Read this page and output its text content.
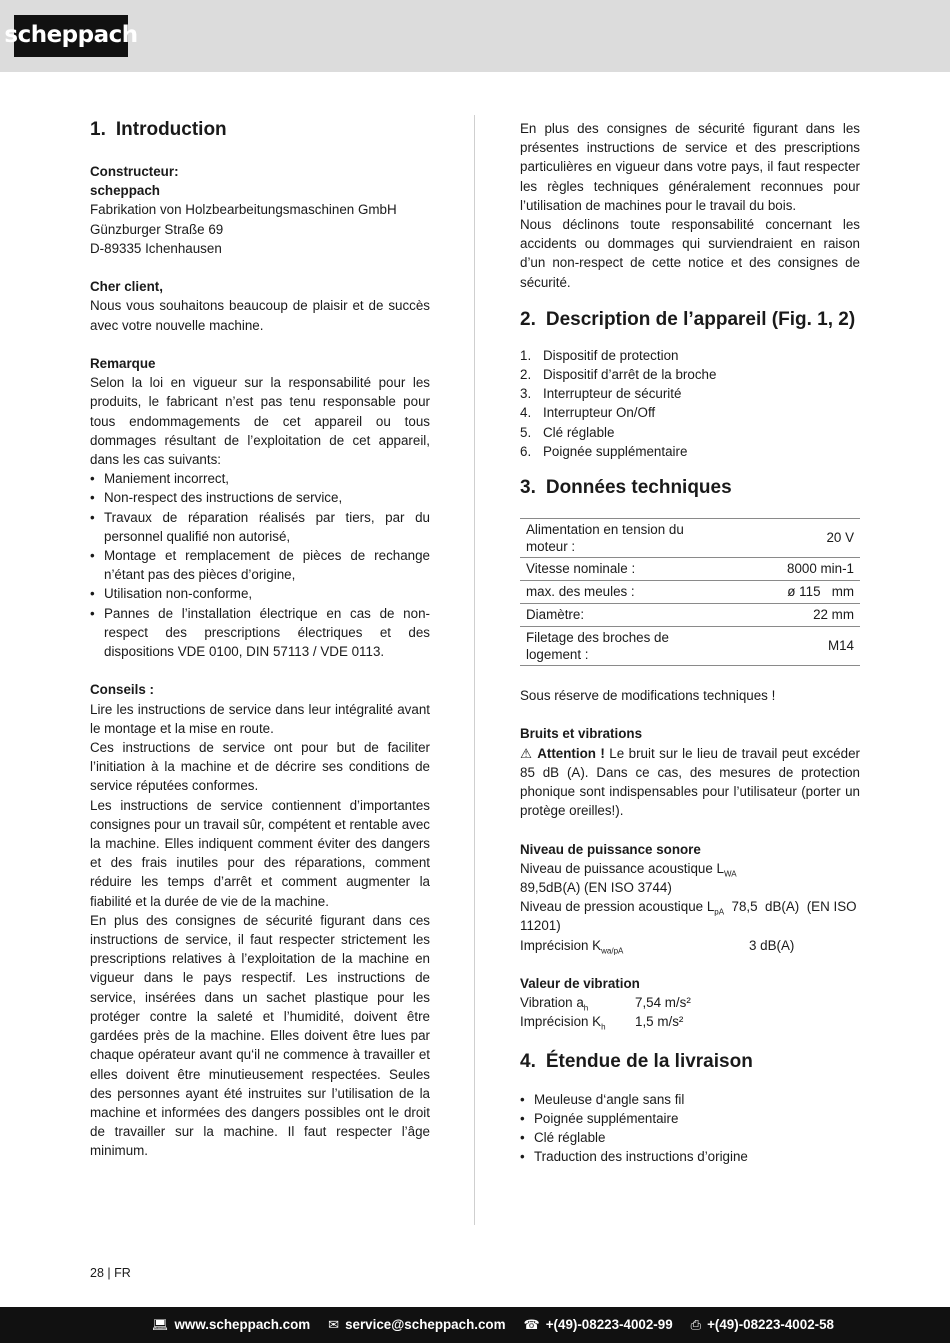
scheppach
1. Introduction

Constructeur:

scheppach

Fabrikation von Holzbearbeitungsmaschinen GmbH

Günzburger Straße 69

D-89335 Ichenhausen

Cher client,

Nous vous souhaitons beaucoup de plaisir et de succès avec votre nouvelle machine.

Remarque

Selon la loi en vigueur sur la responsabilité pour les produits, le fabricant n’est pas tenu responsable pour tous endommagements de cet appareil ou tous dommages résultant de l’exploitation de cet appareil, dans les cas suivants:

• Maniement incorrect,
• Non-respect des instructions de service,
• Travaux de réparation réalisés par tiers, par du personnel qualifié non autorisé,
• Montage et remplacement de pièces de rechange n’étant pas des pièces d’origine,
• Utilisation non-conforme,
• Pannes de l’installation électrique en cas de non-respect des prescriptions électriques et des dispositions VDE 0100, DIN 57113 / VDE 0113.

Conseils :

Lire les instructions de service dans leur intégralité avant le montage et la mise en route.

Ces instructions de service ont pour but de faciliter l’initiation à la machine et de décrire ses conditions de service réputées conformes.

Les instructions de service contiennent d’importantes consignes pour un travail sûr, compétent et rentable avec la machine. Elles indiquent comment éviter des dangers et des frais inutiles pour des réparations, comment réduire les temps d’arrêt et comment augmenter la fiabilité et la durée de vie de la machine.

En plus des consignes de sécurité figurant dans ces instructions de service, il faut respecter strictement les prescriptions relatives à l’exploitation de la machine en vigueur dans le pays respectif. Les instructions de service, insérées dans un sachet plastique pour les protéger contre la saleté et l’humidité, doivent être gardées près de la machine. Elles doivent être lues par chaque opérateur avant qu‘il ne commence à travailler et elles doivent être minutieusement respectées. Seules des personnes ayant été instruites sur l’utilisation de la machine et informées des dangers possibles ont le droit de travailler sur la machine. Il faut respecter l’âge minimum.

En plus des consignes de sécurité figurant dans les présentes instructions de service et des prescriptions particulières en vigueur dans votre pays, il faut respecter les règles techniques généralement reconnues pour l’utilisation de machines pour le travail du bois.

Nous déclinons toute responsabilité concernant les accidents ou dommages qui surviendraient en raison d’un non-respect de cette notice et des consignes de sécurité.

2. Description de l’appareil (Fig. 1, 2)
1. Dispositif de protection
2. Dispositif d’arrêt de la broche
3. Interrupteur de sécurité
4. Interrupteur On/Off
5. Clé réglable
6. Poignée supplémentaire
3. Données techniques
Alimentation en tension du moteur :	20 V
Vitesse nominale :	8000 min-1
max. des meules :	ø 115   mm
Diamètre:	22 mm
Filetage des broches de logement :	M14

Sous réserve de modifications techniques !

Bruits et vibrations

⚠ Attention ! Le bruit sur le lieu de travail peut excéder 85 dB (A). Dans ce cas, des mesures de protection phonique sont indispensables pour l’utilisateur (porter un protège oreilles!).

Niveau de puissance sonore

Niveau de puissance acoustique $L_{WA}$

89,5dB(A) (EN ISO 3744)

Niveau de pression acoustique $L_{pA}$  78,5  dB(A)  (EN ISO 11201)

Imprécision $K_{wa/pA}$	3 dB(A)

Valeur de vibration

Vibration $a_h$	7,54 m/s²
Imprécision $K_h$	1,5 m/s²
4. Étendue de la livraison
• Meuleuse d‘angle sans fil
• Poignée supplémentaire
• Clé réglable
• Traduction des instructions d’origine
28 | FR
💻︎ www.scheppach.com ✉ service@scheppach.com ☎ +(49)-08223-4002-99 ⎙ +(49)-08223-4002-58
